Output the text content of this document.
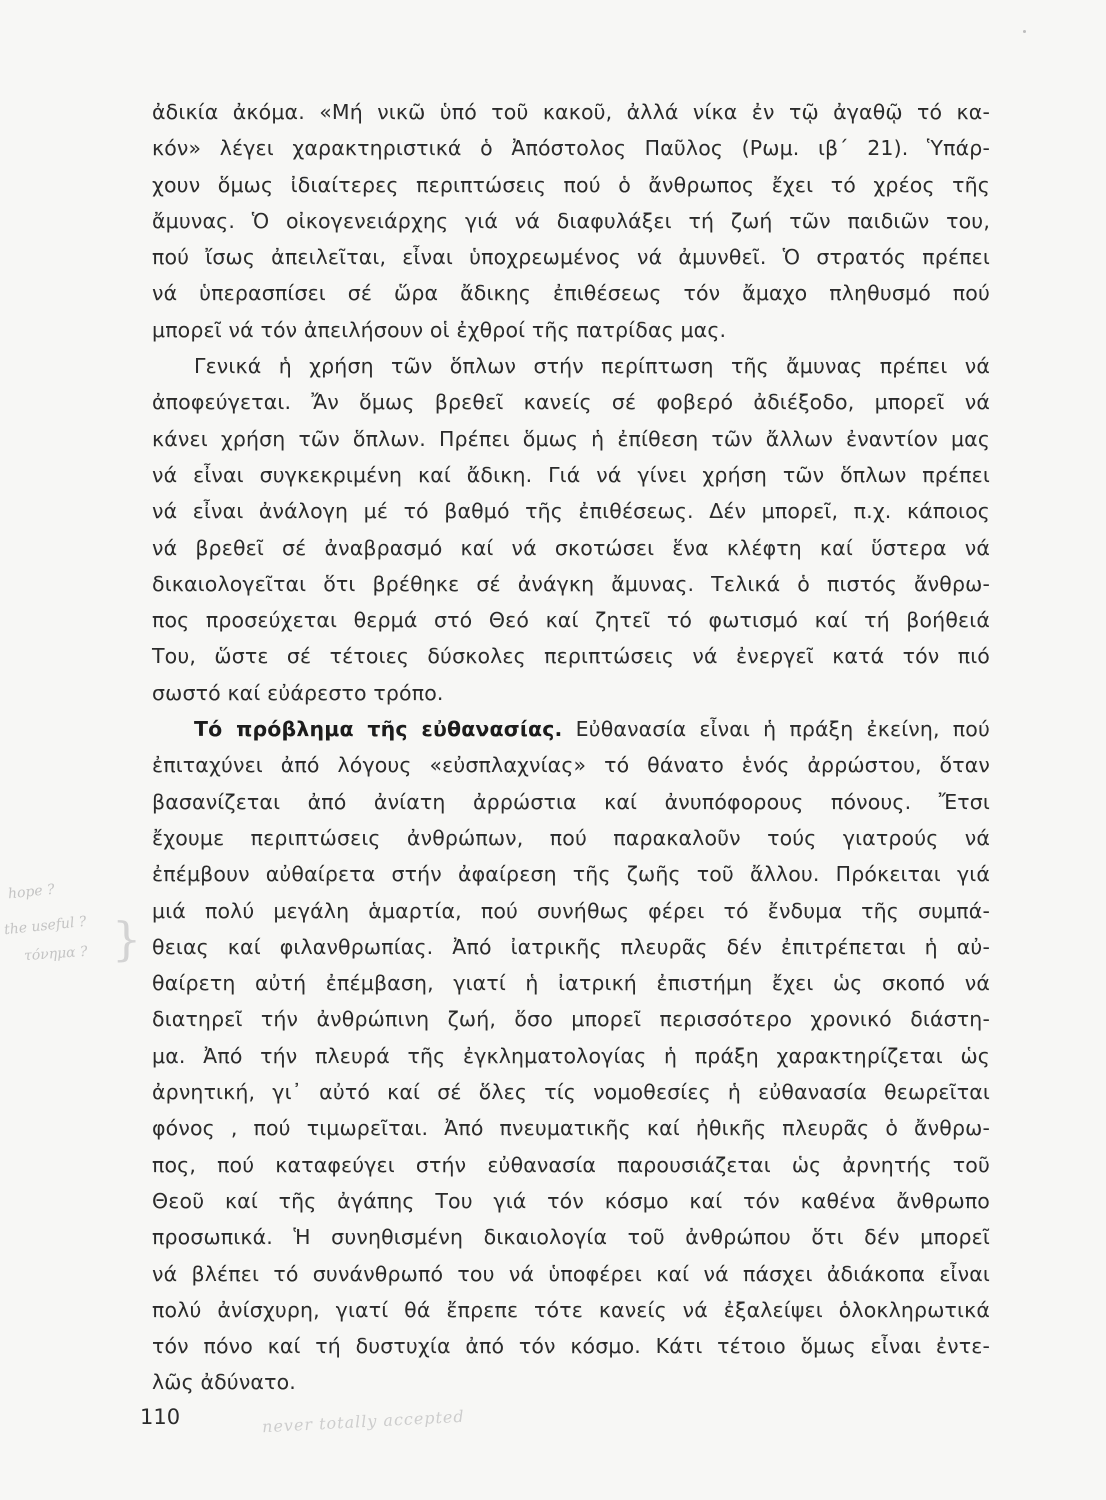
ἀδικία ἀκόμα. «Μή νικῶ ὑπό τοῦ κακοῦ, ἀλλά νίκα ἐν τῷ ἀγαθῷ τό κα-
κόν» λέγει χαρακτηριστικά ὁ Ἀπόστολος Παῦλος (Ρωμ. ιβ΄ 21). Ὑπάρ-
χουν ὅμως ἰδιαίτερες περιπτώσεις πού ὁ ἄνθρωπος ἔχει τό χρέος τῆς
ἄμυνας. Ὁ οἰκογενειάρχης γιά νά διαφυλάξει τή ζωή τῶν παιδιῶν του,
πού ἴσως ἀπειλεῖται, εἶναι ὑποχρεωμένος νά ἀμυνθεῖ. Ὁ στρατός πρέπει
νά ὑπερασπίσει σέ ὥρα ἄδικης ἐπιθέσεως τόν ἄμαχο πληθυσμό πού
μπορεῖ νά τόν ἀπειλήσουν οἱ ἐχθροί τῆς πατρίδας μας.
Γενικά ἡ χρήση τῶν ὅπλων στήν περίπτωση τῆς ἄμυνας πρέπει νά
ἀποφεύγεται. Ἄν ὅμως βρεθεῖ κανείς σέ φοβερό ἀδιέξοδο, μπορεῖ νά
κάνει χρήση τῶν ὅπλων. Πρέπει ὅμως ἡ ἐπίθεση τῶν ἄλλων ἐναντίον μας
νά εἶναι συγκεκριμένη καί ἄδικη. Γιά νά γίνει χρήση τῶν ὅπλων πρέπει
νά εἶναι ἀνάλογη μέ τό βαθμό τῆς ἐπιθέσεως. Δέν μπορεῖ, π.χ. κάποιος
νά βρεθεῖ σέ ἀναβρασμό καί νά σκοτώσει ἕνα κλέφτη καί ὕστερα νά
δικαιολογεῖται ὅτι βρέθηκε σέ ἀνάγκη ἄμυνας. Τελικά ὁ πιστός ἄνθρω-
πος προσεύχεται θερμά στό Θεό καί ζητεῖ τό φωτισμό καί τή βοήθειά
Του, ὥστε σέ τέτοιες δύσκολες περιπτώσεις νά ἐνεργεῖ κατά τόν πιό
σωστό καί εὐάρεστο τρόπο.
Τό πρόβλημα τῆς εὐθανασίας. Εὐθανασία εἶναι ἡ πράξη ἐκείνη, πού
ἐπιταχύνει ἀπό λόγους «εὐσπλαχνίας» τό θάνατο ἑνός ἀρρώστου, ὅταν
βασανίζεται ἀπό ἀνίατη ἀρρώστια καί ἀνυπόφορους πόνους. Ἔτσι
ἔχουμε περιπτώσεις ἀνθρώπων, πού παρακαλοῦν τούς γιατρούς νά
ἐπέμβουν αὐθαίρετα στήν ἀφαίρεση τῆς ζωῆς τοῦ ἄλλου. Πρόκειται γιά
μιά πολύ μεγάλη ἁμαρτία, πού συνήθως φέρει τό ἔνδυμα τῆς συμπά-
θειας καί φιλανθρωπίας. Ἀπό ἰατρικῆς πλευρᾶς δέν ἐπιτρέπεται ἡ αὐ-
θαίρετη αὐτή ἐπέμβαση, γιατί ἡ ἰατρική ἐπιστήμη ἔχει ὡς σκοπό νά
διατηρεῖ τήν ἀνθρώπινη ζωή, ὅσο μπορεῖ περισσότερο χρονικό διάστη-
μα. Ἀπό τήν πλευρά τῆς ἐγκληματολογίας ἡ πράξη χαρακτηρίζεται ὡς
ἀρνητική, γι᾽ αὐτό καί σέ ὅλες τίς νομοθεσίες ἡ εὐθανασία θεωρεῖται
φόνος , πού τιμωρεῖται. Ἀπό πνευματικῆς καί ἠθικῆς πλευρᾶς ὁ ἄνθρω-
πος, πού καταφεύγει στήν εὐθανασία παρουσιάζεται ὡς ἀρνητής τοῦ
Θεοῦ καί τῆς ἀγάπης Του γιά τόν κόσμο καί τόν καθένα ἄνθρωπο
προσωπικά. Ἡ συνηθισμένη δικαιολογία τοῦ ἀνθρώπου ὅτι δέν μπορεῖ
νά βλέπει τό συνάνθρωπό του νά ὑποφέρει καί νά πάσχει ἀδιάκοπα εἶναι
πολύ ἀνίσχυρη, γιατί θά ἔπρεπε τότε κανείς νά ἐξαλείψει ὁλοκληρωτικά
τόν πόνο καί τή δυστυχία ἀπό τόν κόσμο. Κάτι τέτοιο ὅμως εἶναι ἐντε-
λῶς ἀδύνατο.
hope ?
the useful ?
τόνημα ? }
110	never totally accepted
